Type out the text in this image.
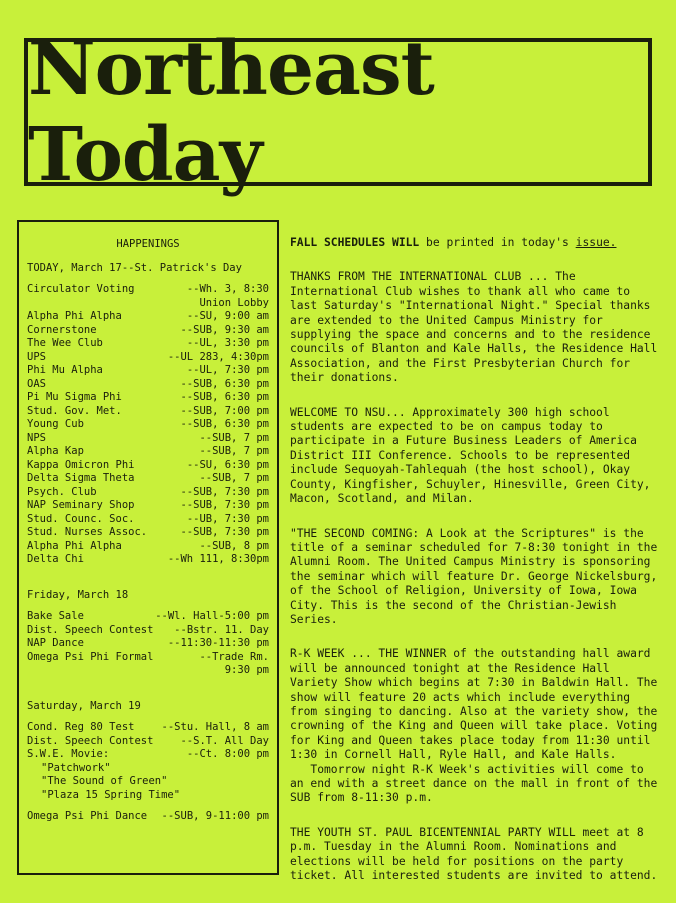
Northeast Today
HAPPENINGS
TODAY, March 17--St. Patrick's Day
Circulator Voting	--Wh. 3, 8:30
Union Lobby
Alpha Phi Alpha	--SU, 9:00 am
Cornerstone	--SUB, 9:30 am
The Wee Club	--UL, 3:30 pm
UPS	--UL 283, 4:30pm
Phi Mu Alpha	--UL, 7:30 pm
OAS	--SUB, 6:30 pm
Pi Mu Sigma Phi	--SUB, 6:30 pm
Stud. Gov. Met.	--SUB, 7:00 pm
Young Cub	--SUB, 6:30 pm
NPS	--SUB, 7 pm
Alpha Kap	--SUB, 7 pm
Kappa Omicron Phi	--SU, 6:30 pm
Delta Sigma Theta	--SUB, 7 pm
Psych. Club	--SUB, 7:30 pm
NAP Seminary Shop	--SUB, 7:30 pm
Stud. Counc. Soc.	--UB, 7:30 pm
Stud. Nurses Assoc.	--SUB, 7:30 pm
Alpha Phi Alpha	--SUB, 8 pm
Delta Chi	--Wh 111, 8:30pm
Friday, March 18
Bake Sale	--Wl. Hall-5:00 pm
Dist. Speech Contest --Bstr. 11. Day
NAP Dance	--11:30-11:30 pm
Omega Psi Phi Formal	--Trade Rm.
9:30 pm
Saturday, March 19
Cond. Reg 80 Test	--Stu. Hall, 8 am
Dist. Speech Contest	--S.T. All Day
S.W.E. Movie:	--Ct. 8:00 pm
"Patchwork"
"The Sound of Green"
"Plaza 15 Spring Time"
Omega Psi Phi Dance --SUB, 9-11:00 pm

FALL SCHEDULES WILL be printed in today's issue.

THANKS FROM THE INTERNATIONAL CLUB ... The International Club wishes to thank all who came to last Saturday's "International Night." Special thanks are extended to the United Campus Ministry for supplying the space and concerns and to the residence councils of Blanton and Kale Halls, the Residence Hall Association, and the First Presbyterian Church for their donations.

WELCOME TO NSU... Approximately 300 high school students are expected to be on campus today to participate in a Future Business Leaders of America District III Conference. Schools to be represented include Sequoyah-Tahlequah (the host school), Okay County, Kingfisher, Schuyler, Hinesville, Green City, Macon, Scotland, and Milan.

"THE SECOND COMING: A Look at the Scriptures" is the title of a seminar scheduled for 7-8:30 tonight in the Alumni Room. The United Campus Ministry is sponsoring the seminar which will feature Dr. George Nickelsburg, of the School of Religion, University of Iowa, Iowa City. This is the second of the Christian-Jewish Series.

R-K WEEK ... THE WINNER of the outstanding hall award will be announced tonight at the Residence Hall Variety Show which begins at 7:30 in Baldwin Hall. The show will feature 20 acts which include everything from singing to dancing. Also at the variety show, the crowning of the King and Queen will take place. Voting for King and Queen takes place today from 11:30 until 1:30 in Cornell Hall, Ryle Hall, and Kale Halls.
Tomorrow night R-K Week's activities will come to an end with a street dance on the mall in front of the SUB from 8-11:30 p.m.

THE YOUTH ST. PAUL BICENTENNIAL PARTY WILL meet at 8 p.m. Tuesday in the Alumni Room. Nominations and elections will be held for positions on the party ticket. All interested students are invited to attend.
